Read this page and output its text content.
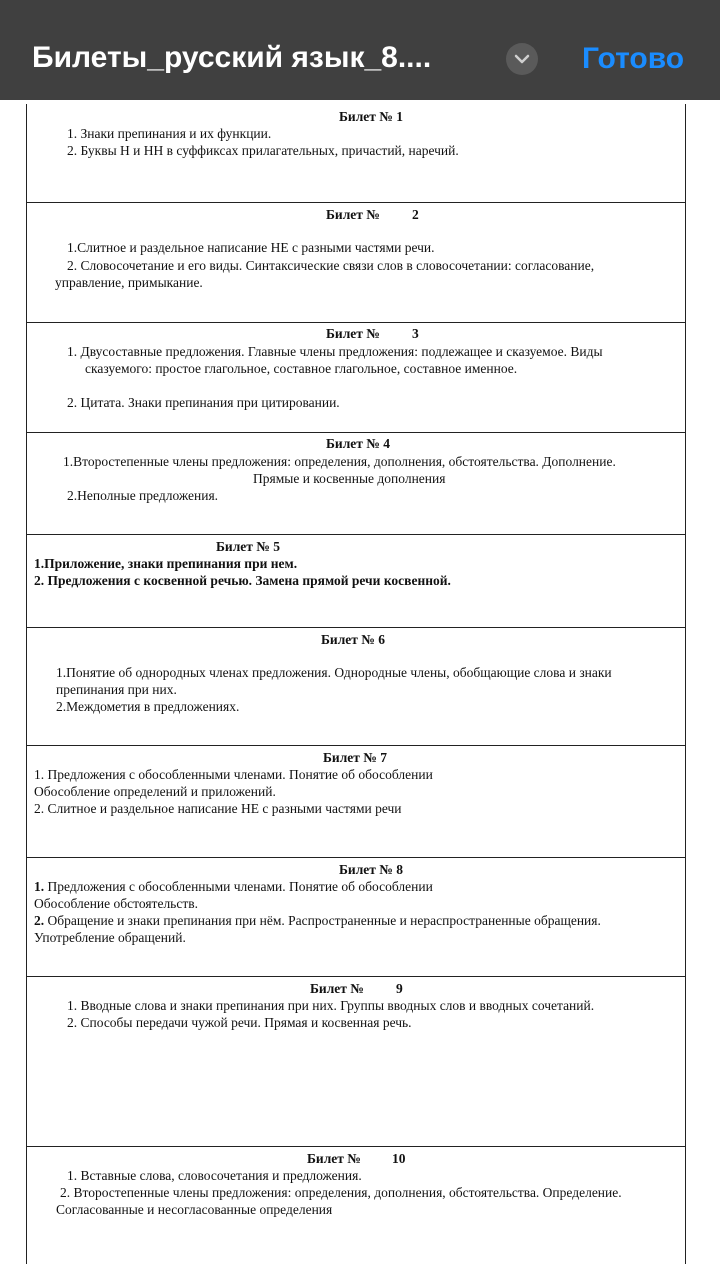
Билеты_русский язык_8....	Готово

Билет № 1

1. Знаки препинания и их функции.

2. Буквы Н и НН в суффиксах прилагательных, причастий, наречий.

Билет № 2

1.Слитное и раздельное написание НЕ с разными частями речи.

2. Словосочетание и его виды. Синтаксические связи слов в словосочетании: согласование,

управление, примыкание.

Билет № 3

1. Двусоставные предложения. Главные члены предложения: подлежащее и сказуемое. Виды

сказуемого: простое глагольное, составное глагольное, составное именное.

2. Цитата. Знаки препинания при цитировании.

Билет № 4

1.Второстепенные члены предложения: определения, дополнения, обстоятельства. Дополнение.

Прямые и косвенные дополнения

2.Неполные предложения.

Билет № 5

1.Приложение, знаки препинания при нем.

2. Предложения с косвенной речью. Замена прямой речи косвенной.

Билет № 6

1.Понятие об однородных членах предложения. Однородные члены, обобщающие слова и знаки

препинания при них.

2.Междометия в предложениях.

Билет № 7

1. Предложения с обособленными членами. Понятие об обособлении

Обособление определений и приложений.

2. Слитное и раздельное написание НЕ с разными частями речи

Билет № 8

1. Предложения с обособленными членами. Понятие об обособлении

Обособление обстоятельств.

2. Обращение и знаки препинания при нём. Распространенные и нераспространенные обращения.

Употребление обращений.

Билет № 9

1. Вводные слова и знаки препинания при них. Группы вводных слов и вводных сочетаний.

2. Способы передачи чужой речи. Прямая и косвенная речь.

Билет № 10

1. Вставные слова, словосочетания и предложения.

2. Второстепенные члены предложения: определения, дополнения, обстоятельства. Определение.

Согласованные и несогласованные определения
